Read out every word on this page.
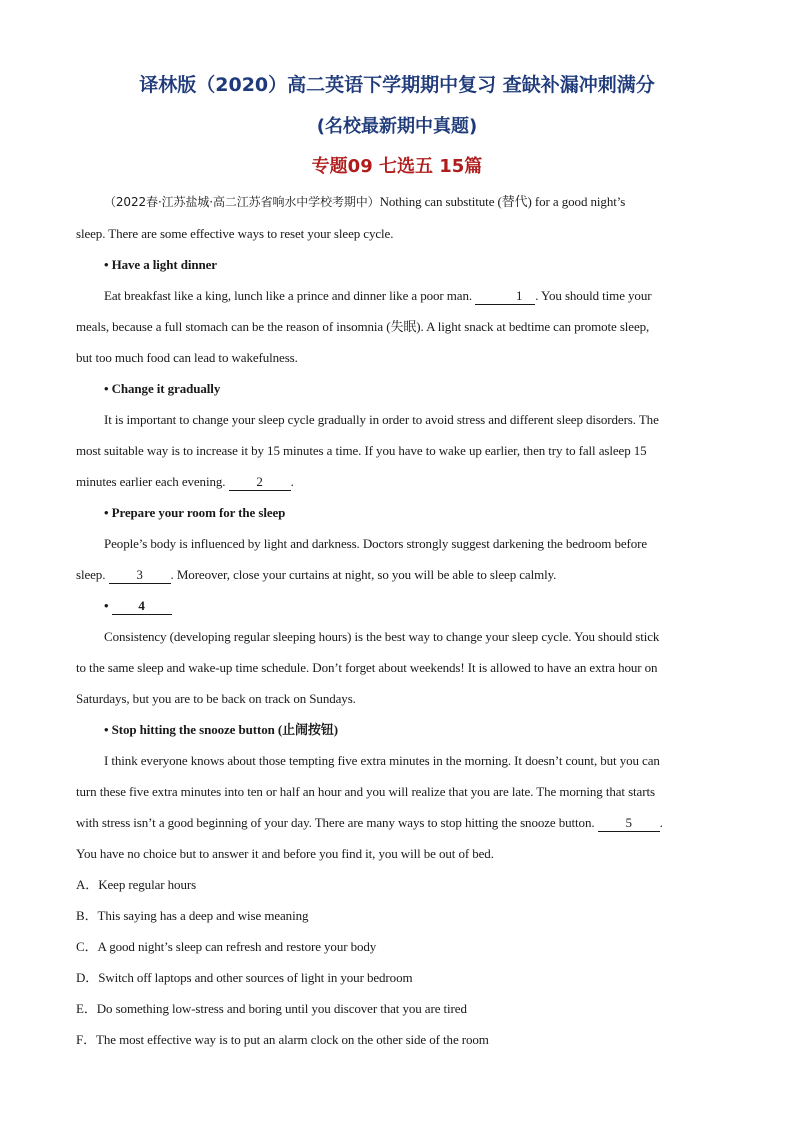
译林版（2020）高二英语下学期期中复习 查缺补漏冲刺满分
(名校最新期中真题)
专题09 七选五 15篇

（2022春·江苏盐城·高二江苏省响水中学校考期中）Nothing can substitute (替代) for a good night’s

sleep. There are some effective ways to reset your sleep cycle.

• Have a light dinner

Eat breakfast like a king, lunch like a prince and dinner like a poor man.	1 . You should time your

meals, because a full stomach can be the reason of insomnia (失眠). A light snack at bedtime can promote sleep,

but too much food can lead to wakefulness.

• Change it gradually

It is important to change your sleep cycle gradually in order to avoid stress and different sleep disorders. The

most suitable way is to increase it by 15 minutes a time. If you have to wake up earlier, then try to fall asleep 15

minutes earlier each evening. 2 .

• Prepare your room for the sleep

People’s body is influenced by light and darkness. Doctors strongly suggest darkening the bedroom before

sleep. 3 . Moreover, close your curtains at night, so you will be able to sleep calmly.

• 4

Consistency (developing regular sleeping hours) is the best way to change your sleep cycle. You should stick

to the same sleep and wake-up time schedule. Don’t forget about weekends! It is allowed to have an extra hour on

Saturdays, but you are to be back on track on Sundays.

• Stop hitting the snooze button (止闹按钮)

I think everyone knows about those tempting five extra minutes in the morning. It doesn’t count, but you can

turn these five extra minutes into ten or half an hour and you will realize that you are late. The morning that starts

with stress isn’t a good beginning of your day. There are many ways to stop hitting the snooze button. 5 .

You have no choice but to answer it and before you find it, you will be out of bed.

A．Keep regular hours

B．This saying has a deep and wise meaning

C．A good night’s sleep can refresh and restore your body

D．Switch off laptops and other sources of light in your bedroom

E．Do something low-stress and boring until you discover that you are tired

F．The most effective way is to put an alarm clock on the other side of the room
